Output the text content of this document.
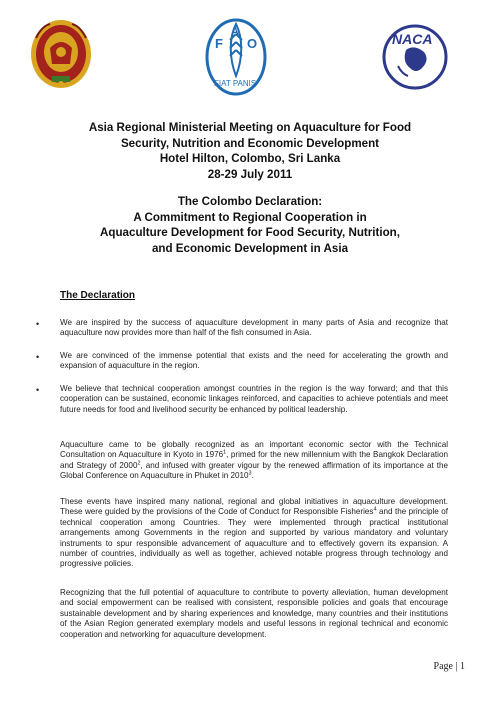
F O
A
FIAT PANIS
NACA
Asia Regional Ministerial Meeting on Aquaculture for Food
Security, Nutrition and Economic Development
Hotel Hilton, Colombo, Sri Lanka
28-29 July 2011
The Colombo Declaration:
A Commitment to Regional Cooperation in
Aquaculture Development for Food Security, Nutrition,
and Economic Development in Asia
The Declaration
•	We are inspired by the success of aquaculture development in many parts of Asia and recognize that aquaculture now provides more than half of the fish consumed in Asia.
•	We are convinced of the immense potential that exists and the need for accelerating the growth and expansion of aquaculture in the region.
•	We believe that technical cooperation amongst countries in the region is the way forward; and that this cooperation can be sustained, economic linkages reinforced, and capacities to achieve potentials and meet future needs for food and livelihood security be enhanced by political leadership.
Aquaculture came to be globally recognized as an important economic sector with the Technical Consultation on Aquaculture in Kyoto in 1976$^1$, primed for the new millennium with the Bangkok Declaration and Strategy of 2000$^2$, and infused with greater vigour by the renewed affirmation of its importance at the Global Conference on Aquaculture in Phuket in 2010$^3$.
These events have inspired many national, regional and global initiatives in aquaculture development. These were guided by the provisions of the Code of Conduct for Responsible Fisheries$^4$ and the principle of technical cooperation among Countries. They were implemented through practical institutional arrangements among Governments in the region and supported by various mandatory and voluntary instruments to spur responsible advancement of aquaculture and to effectively govern its expansion. A number of countries, individually as well as together, achieved notable progress through technology and progressive policies.
Recognizing that the full potential of aquaculture to contribute to poverty alleviation, human development and social empowerment can be realised with consistent, responsible policies and goals that encourage sustainable development and by sharing experiences and knowledge, many countries and their institutions of the Asian Region generated exemplary models and useful lessons in regional technical and economic cooperation and networking for aquaculture development.
Page | 1
